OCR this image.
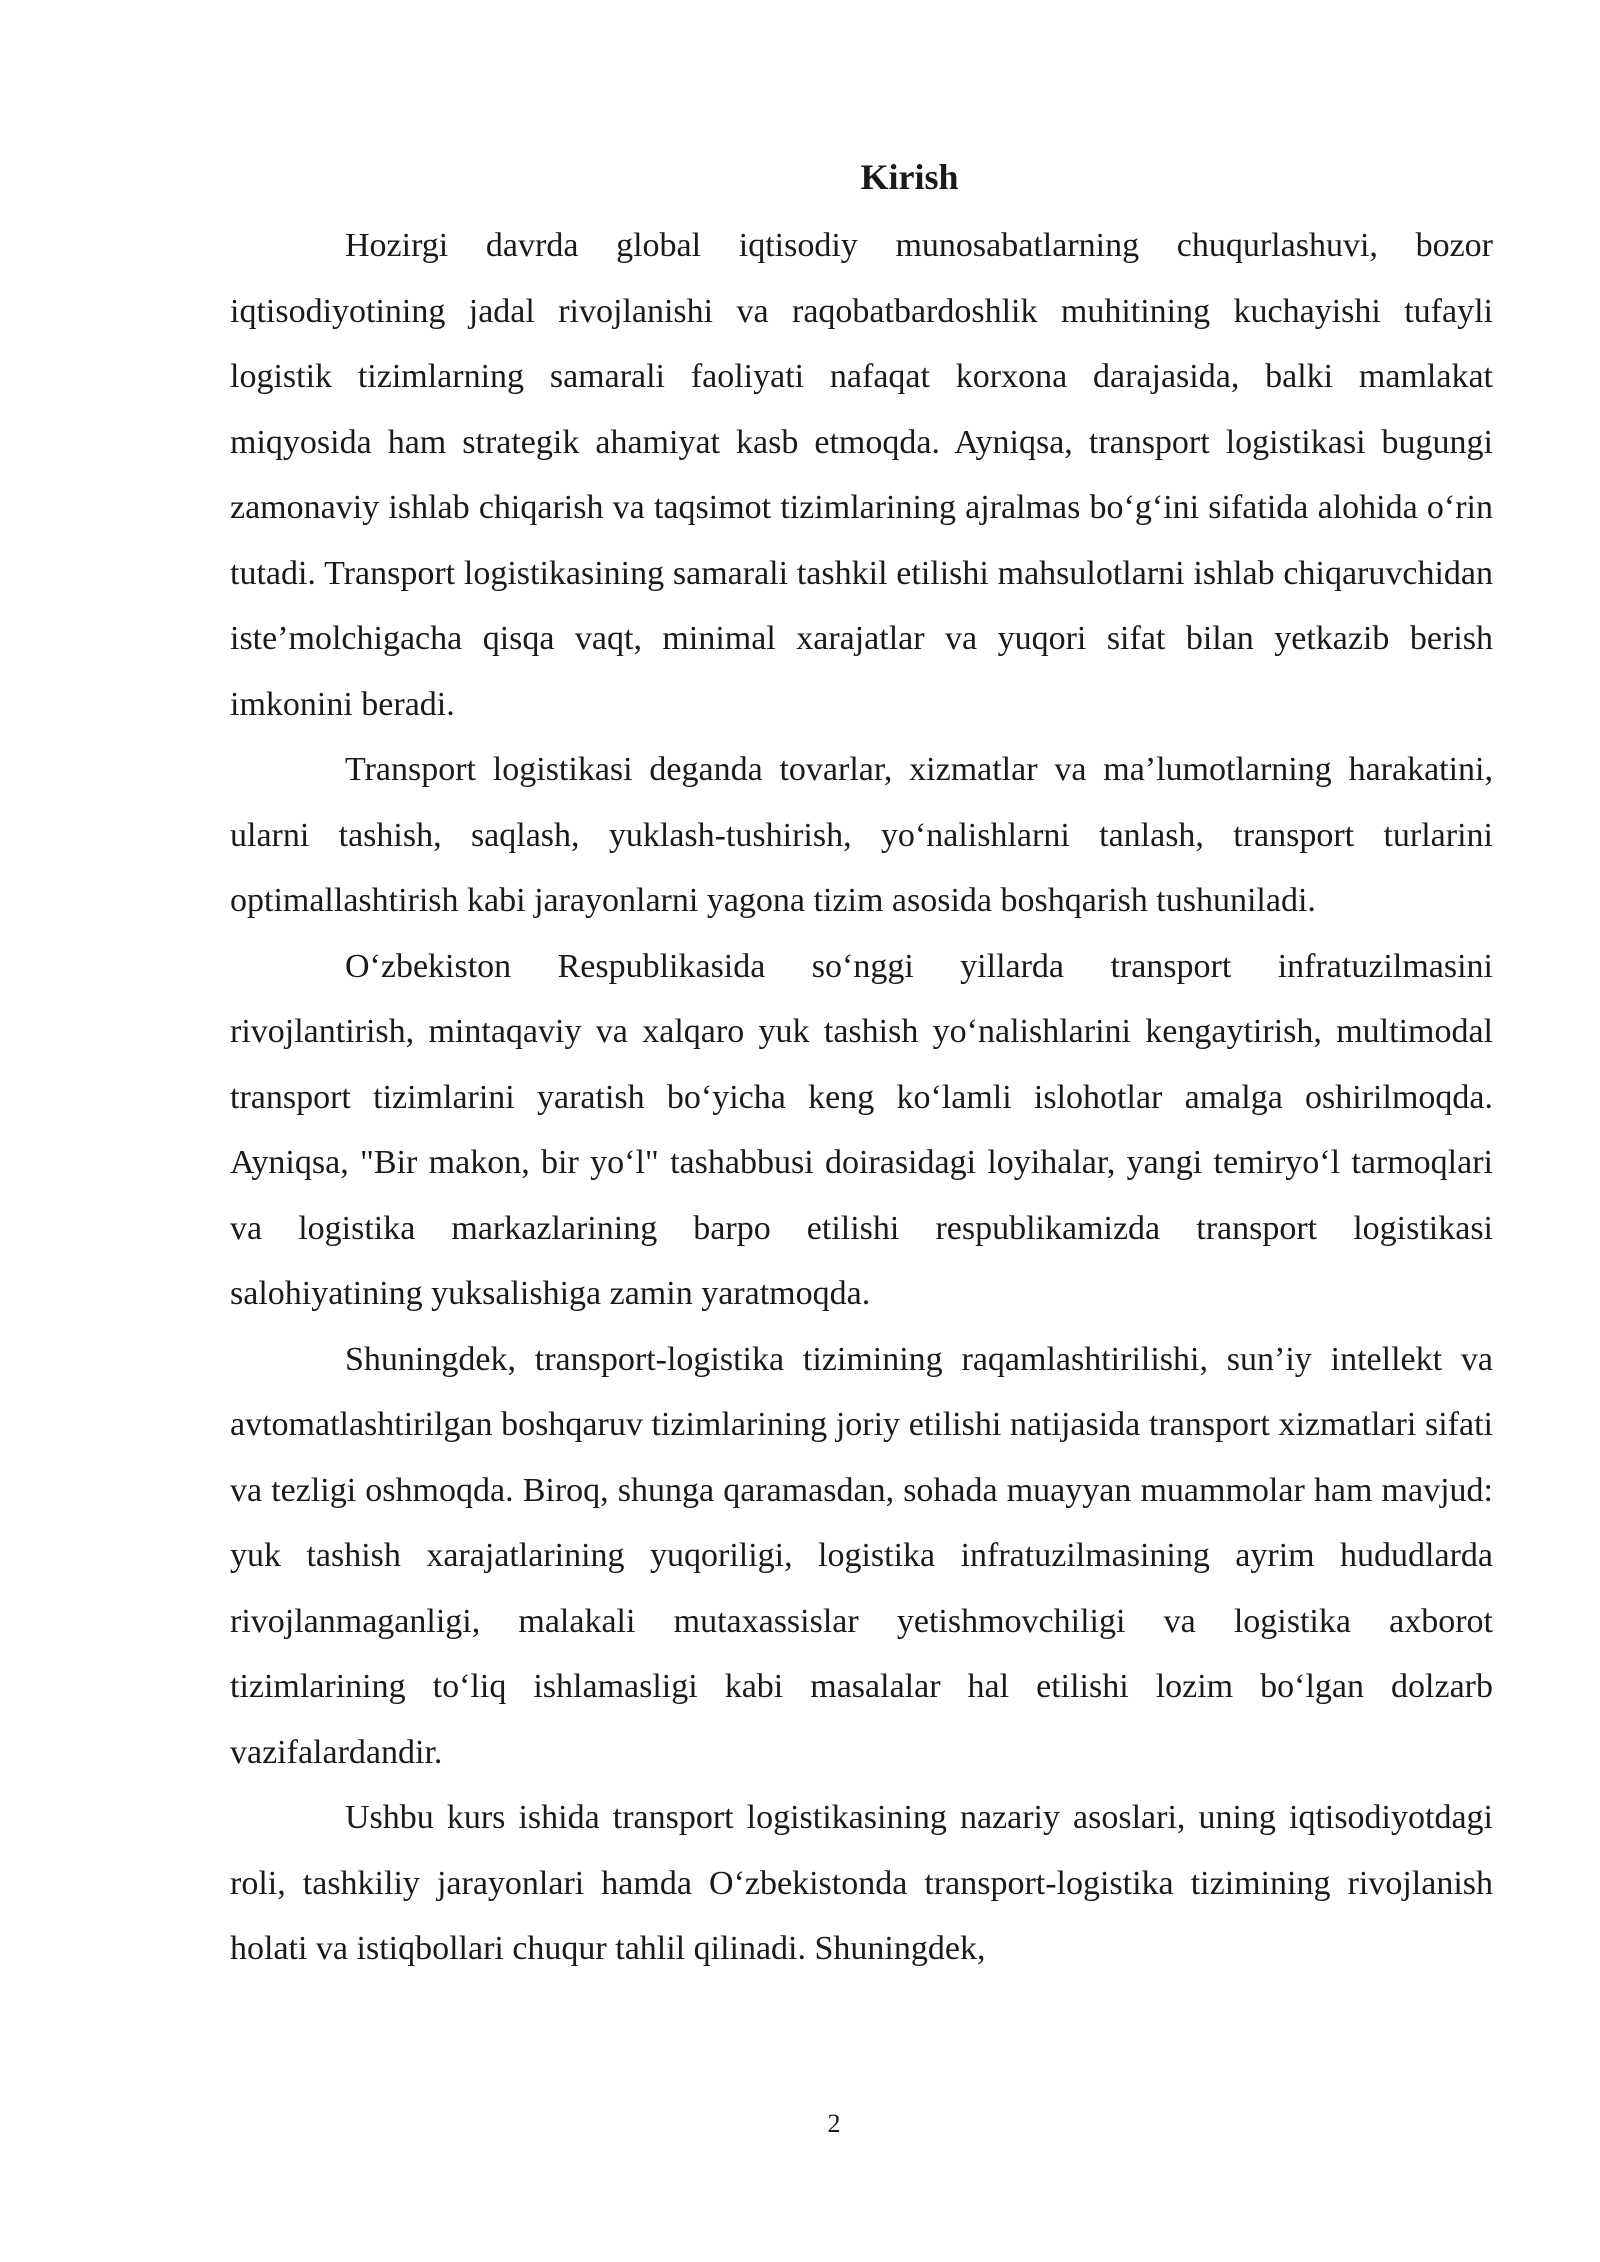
Kirish

Hozirgi davrda global iqtisodiy munosabatlarning chuqurlashuvi, bozor iqtisodiyotining jadal rivojlanishi va raqobatbardoshlik muhitining kuchayishi tufayli logistik tizimlarning samarali faoliyati nafaqat korxona darajasida, balki mamlakat miqyosida ham strategik ahamiyat kasb etmoqda. Ayniqsa, transport logistikasi bugungi zamonaviy ishlab chiqarish va taqsimot tizimlarining ajralmas bo‘g‘ini sifatida alohida o‘rin tutadi. Transport logistikasining samarali tashkil etilishi mahsulotlarni ishlab chiqaruvchidan iste’molchigacha qisqa vaqt, minimal xarajatlar va yuqori sifat bilan yetkazib berish imkonini beradi.

Transport logistikasi deganda tovarlar, xizmatlar va ma’lumotlarning harakatini, ularni tashish, saqlash, yuklash-tushirish, yo‘nalishlarni tanlash, transport turlarini optimallashtirish kabi jarayonlarni yagona tizim asosida boshqarish tushuniladi.

O‘zbekiston Respublikasida so‘nggi yillarda transport infratuzilmasini rivojlantirish, mintaqaviy va xalqaro yuk tashish yo‘nalishlarini kengaytirish, multimodal transport tizimlarini yaratish bo‘yicha keng ko‘lamli islohotlar amalga oshirilmoqda. Ayniqsa, "Bir makon, bir yo‘l" tashabbusi doirasidagi loyihalar, yangi temiryo‘l tarmoqlari va logistika markazlarining barpo etilishi respublikamizda transport logistikasi salohiyatining yuksalishiga zamin yaratmoqda.

Shuningdek, transport-logistika tizimining raqamlashtirilishi, sun’iy intellekt va avtomatlashtirilgan boshqaruv tizimlarining joriy etilishi natijasida transport xizmatlari sifati va tezligi oshmoqda. Biroq, shunga qaramasdan, sohada muayyan muammolar ham mavjud: yuk tashish xarajatlarining yuqoriligi, logistika infratuzilmasining ayrim hududlarda rivojlanmaganligi, malakali mutaxassislar yetishmovchiligi va logistika axborot tizimlarining to‘liq ishlamasligi kabi masalalar hal etilishi lozim bo‘lgan dolzarb vazifalardandir.

Ushbu kurs ishida transport logistikasining nazariy asoslari, uning iqtisodiyotdagi roli, tashkiliy jarayonlari hamda O‘zbekistonda transport-logistika tizimining rivojlanish holati va istiqbollari chuqur tahlil qilinadi. Shuningdek,

2
